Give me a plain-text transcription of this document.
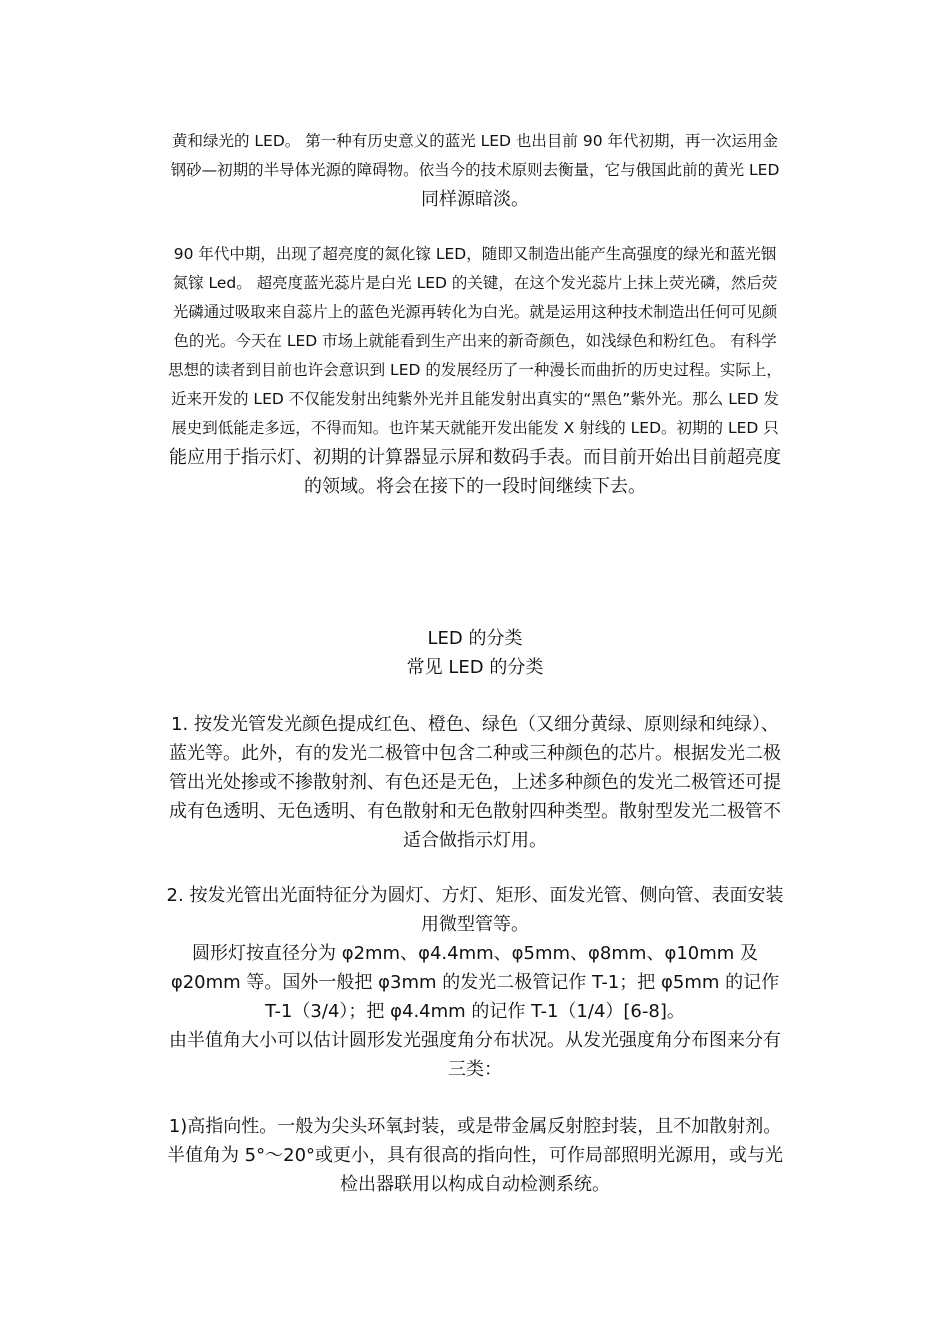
黄和绿光的 LED。 第一种有历史意义的蓝光 LED 也出目前 90 年代初期，再一次运用金
钢砂—初期的半导体光源的障碍物。依当今的技术原则去衡量，它与俄国此前的黄光 LED
同样源暗淡。
90 年代中期，出现了超亮度的氮化镓 LED，随即又制造出能产生高强度的绿光和蓝光铟
氮镓 Led。 超亮度蓝光蕊片是白光 LED 的关键，在这个发光蕊片上抹上荧光磷，然后荧
光磷通过吸取来自蕊片上的蓝色光源再转化为白光。就是运用这种技术制造出任何可见颜
色的光。今天在 LED 市场上就能看到生产出来的新奇颜色，如浅绿色和粉红色。 有科学
思想的读者到目前也许会意识到 LED 的发展经历了一种漫长而曲折的历史过程。实际上，
近来开发的 LED 不仅能发射出纯紫外光并且能发射出真实的“黑色”紫外光。那么 LED 发
展史到低能走多远，不得而知。也许某天就能开发出能发 X 射线的 LED。初期的 LED 只
能应用于指示灯、初期的计算器显示屏和数码手表。而目前开始出目前超亮度
的领域。将会在接下的一段时间继续下去。
LED 的分类
常见 LED 的分类
1. 按发光管发光颜色提成红色、橙色、绿色（又细分黄绿、原则绿和纯绿）、
蓝光等。此外，有的发光二极管中包含二种或三种颜色的芯片。根据发光二极
管出光处掺或不掺散射剂、有色还是无色，上述多种颜色的发光二极管还可提
成有色透明、无色透明、有色散射和无色散射四种类型。散射型发光二极管不
适合做指示灯用。
2. 按发光管出光面特征分为圆灯、方灯、矩形、面发光管、侧向管、表面安装
用微型管等。
圆形灯按直径分为 φ2mm、φ4.4mm、φ5mm、φ8mm、φ10mm 及
φ20mm 等。国外一般把 φ3mm 的发光二极管记作 T-1；把 φ5mm 的记作
T-1（3/4）；把 φ4.4mm 的记作 T-1（1/4）[6-8]。
由半值角大小可以估计圆形发光强度角分布状况。从发光强度角分布图来分有
三类：
1)高指向性。一般为尖头环氧封装，或是带金属反射腔封装，且不加散射剂。
半值角为 5°～20°或更小，具有很高的指向性，可作局部照明光源用，或与光
检出器联用以构成自动检测系统。
